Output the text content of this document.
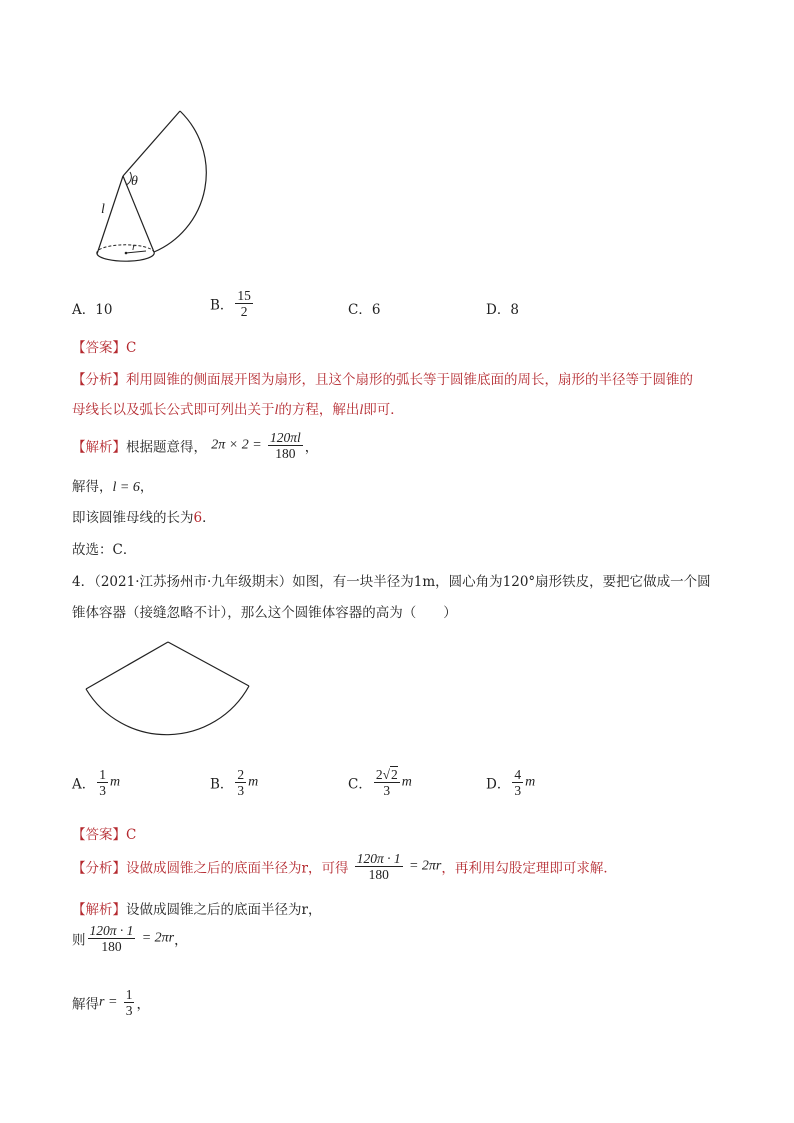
θ
l
r
A．10	B． $\frac{15}{2}$	C．6	D．8
【答案】C
【分析】利用圆锥的侧面展开图为扇形，且这个扇形的弧长等于圆锥底面的周长，扇形的半径等于圆锥的
母线长以及弧长公式即可列出关于l的方程，解出l即可．
【解析】根据题意得， $2\pi \times 2 = \frac{120\pi l}{180}$ ，
解得，l = 6，
即该圆锥母线的长为6．
故选：C．
4．（2021·江苏扬州市·九年级期末）如图，有一块半径为1m，圆心角为120°扇形铁皮，要把它做成一个圆
锥体容器（接缝忽略不计），那么这个圆锥体容器的高为（　　）
A． $\frac{1}{3}$ m	B． $\frac{2}{3}$ m	C． $\frac{2√2}{3}$ m	D． $\frac{4}{3}$ m
【答案】C
【分析】设做成圆锥之后的底面半径为r，可得 $\frac{120\pi \cdot 1}{180} = 2\pi r$，再利用勾股定理即可求解．
【解析】设做成圆锥之后的底面半径为r，
则 $\frac{120\pi \cdot 1}{180} = 2\pi r$，
解得$r = \frac{1}{3}$ ，
